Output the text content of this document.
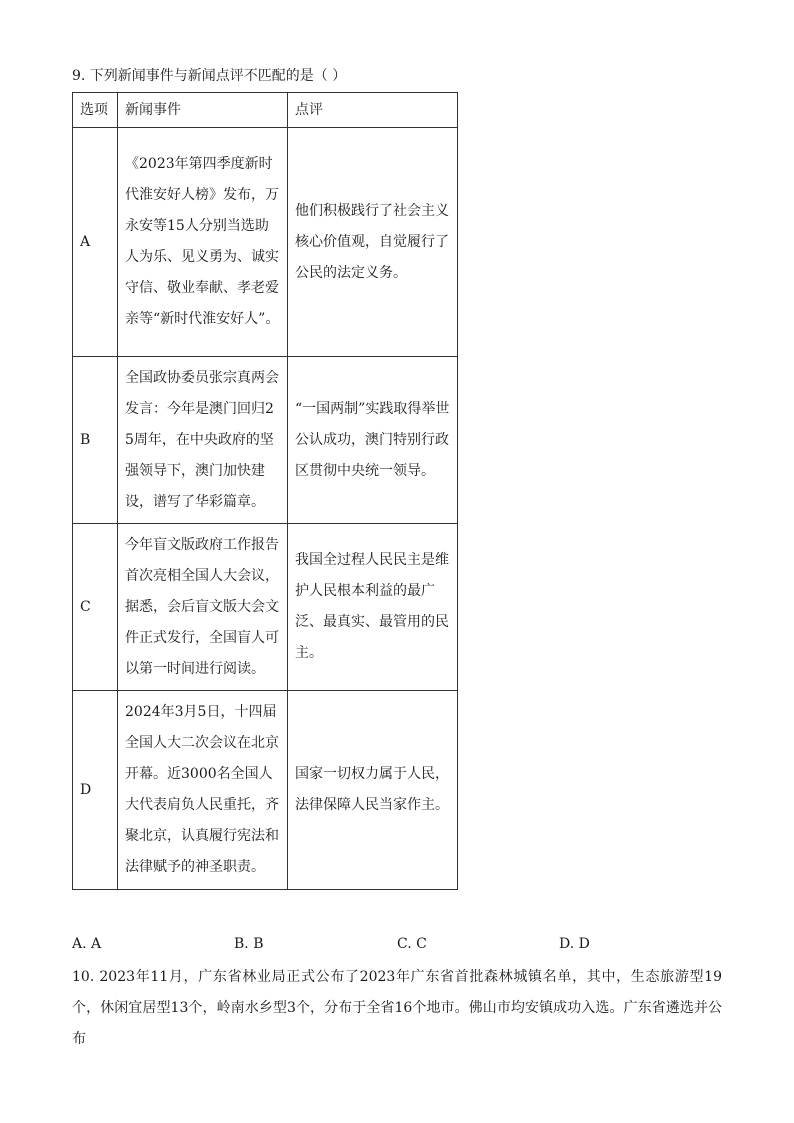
9. 下列新闻事件与新闻点评不匹配的是（ ）
选项	新闻事件	点评
A	《2023年第四季度新时代淮安好人榜》发布，万永安等15人分别当选助人为乐、见义勇为、诚实守信、敬业奉献、孝老爱亲等“新时代淮安好人”。	他们积极践行了社会主义核心价值观，自觉履行了公民的法定义务。
B	全国政协委员张宗真两会发言：今年是澳门回归25周年，在中央政府的坚强领导下，澳门加快建设，谱写了华彩篇章。	“一国两制”实践取得举世公认成功，澳门特别行政区贯彻中央统一领导。
C	今年盲文版政府工作报告首次亮相全国人大会议，据悉，会后盲文版大会文件正式发行，全国盲人可以第一时间进行阅读。	我国全过程人民民主是维护人民根本利益的最广泛、最真实、最管用的民主。
D	2024年3月5日，十四届全国人大二次会议在北京开幕。近3000名全国人大代表肩负人民重托，齐聚北京，认真履行宪法和法律赋予的神圣职责。	国家一切权力属于人民，法律保障人民当家作主。
A. A	B. B	C. C	D. D
10. 2023年11月，广东省林业局正式公布了2023年广东省首批森林城镇名单，其中，生态旅游型19个，休闲宜居型13个，岭南水乡型3个，分布于全省16个地市。佛山市均安镇成功入选。广东省遴选并公布
